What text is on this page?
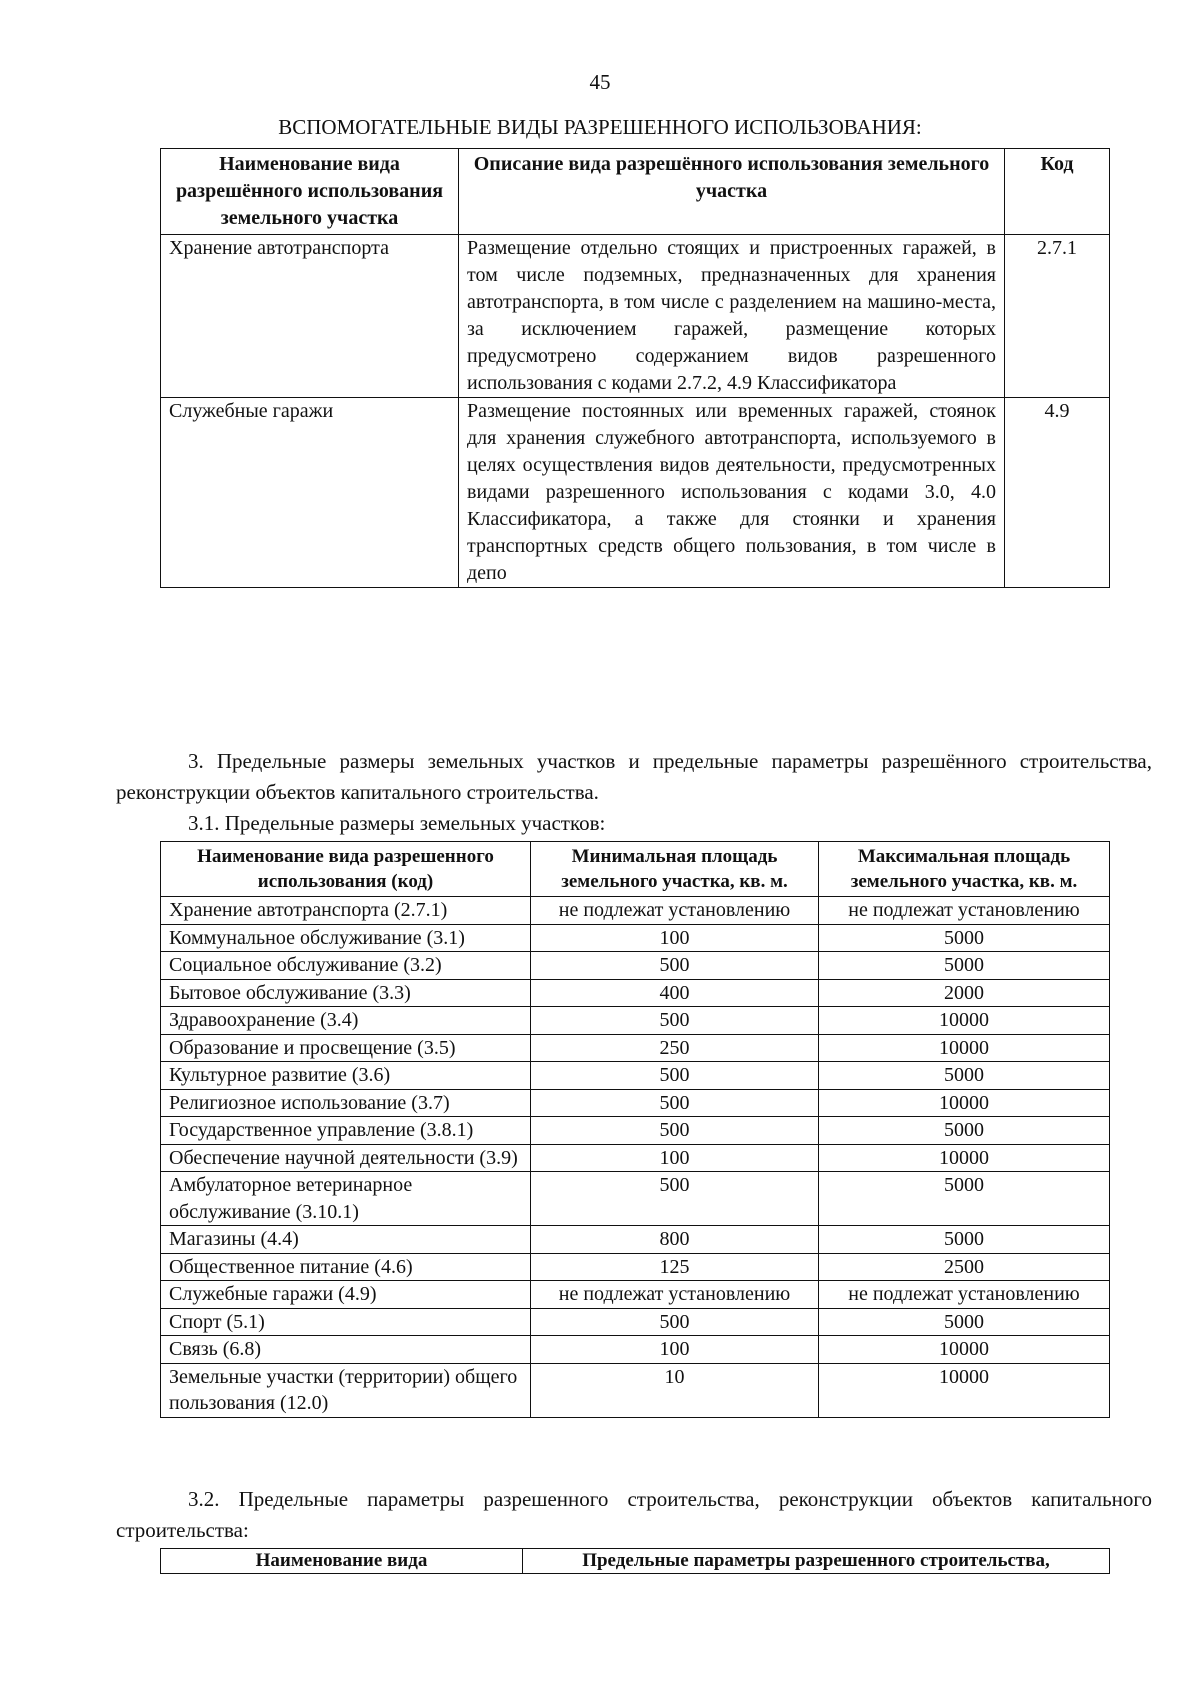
45
ВСПОМОГАТЕЛЬНЫЕ ВИДЫ РАЗРЕШЕННОГО ИСПОЛЬЗОВАНИЯ:
Наименование вида разрешённого использования земельного участка	Описание вида разрешённого использования земельного участка	Код
Хранение автотранспорта	Размещение отдельно стоящих и пристроенных гаражей, в том числе подземных, предназначенных для хранения автотранспорта, в том числе с разделением на машино-места, за исключением гаражей, размещение которых предусмотрено содержанием видов разрешенного использования с кодами 2.7.2, 4.9 Классификатора	2.7.1
Служебные гаражи	Размещение постоянных или временных гаражей, стоянок для хранения служебного автотранспорта, используемого в целях осуществления видов деятельности, предусмотренных видами разрешенного использования с кодами 3.0, 4.0 Классификатора, а также для стоянки и хранения транспортных средств общего пользования, в том числе в депо	4.9
3. Предельные размеры земельных участков и предельные параметры разрешённого строительства, реконструкции объектов капитального строительства.
3.1. Предельные размеры земельных участков:
Наименование вида разрешенного использования (код)	Минимальная площадь земельного участка, кв. м.	Максимальная площадь земельного участка, кв. м.
Хранение автотранспорта (2.7.1)	не подлежат установлению	не подлежат установлению
Коммунальное обслуживание (3.1)	100	5000
Социальное обслуживание (3.2)	500	5000
Бытовое обслуживание (3.3)	400	2000
Здравоохранение (3.4)	500	10000
Образование и просвещение (3.5)	250	10000
Культурное развитие (3.6)	500	5000
Религиозное использование (3.7)	500	10000
Государственное управление (3.8.1)	500	5000
Обеспечение научной деятельности (3.9)	100	10000
Амбулаторное ветеринарное обслуживание (3.10.1)	500	5000
Магазины (4.4)	800	5000
Общественное питание (4.6)	125	2500
Служебные гаражи (4.9)	не подлежат установлению	не подлежат установлению
Спорт (5.1)	500	5000
Связь (6.8)	100	10000
Земельные участки (территории) общего пользования (12.0)	10	10000
3.2. Предельные параметры разрешенного строительства, реконструкции объектов капитального строительства:
Наименование вида	Предельные параметры разрешенного строительства,
